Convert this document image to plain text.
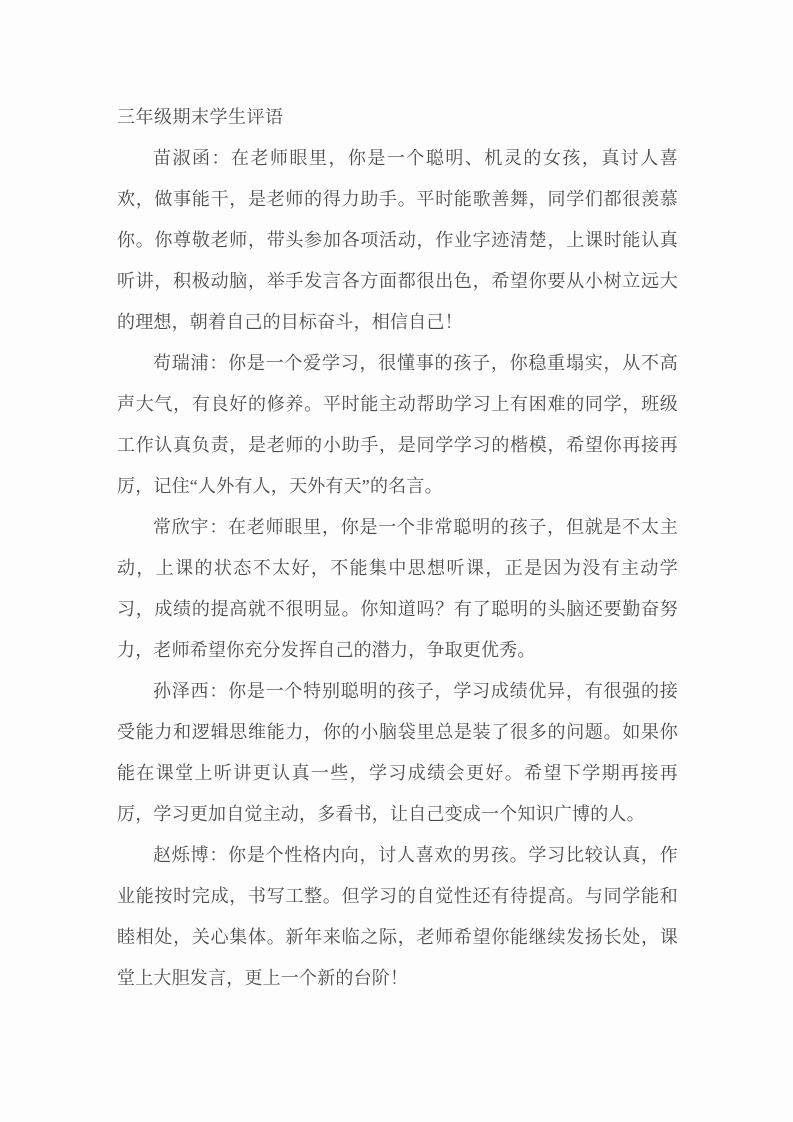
三年级期末学生评语

苗淑函：在老师眼里，你是一个聪明、机灵的女孩，真讨人喜欢，做事能干，是老师的得力助手。平时能歌善舞，同学们都很羡慕你。你尊敬老师，带头参加各项活动，作业字迹清楚，上课时能认真听讲，积极动脑，举手发言各方面都很出色，希望你要从小树立远大的理想，朝着自己的目标奋斗，相信自己！

苟瑞浦：你是一个爱学习，很懂事的孩子，你稳重塌实，从不高声大气，有良好的修养。平时能主动帮助学习上有困难的同学，班级工作认真负责，是老师的小助手，是同学学习的楷模，希望你再接再厉，记住“人外有人，天外有天”的名言。

常欣宇：在老师眼里，你是一个非常聪明的孩子，但就是不太主动，上课的状态不太好，不能集中思想听课，正是因为没有主动学习，成绩的提高就不很明显。你知道吗？有了聪明的头脑还要勤奋努力，老师希望你充分发挥自己的潜力，争取更优秀。

孙泽西：你是一个特别聪明的孩子，学习成绩优异，有很强的接受能力和逻辑思维能力，你的小脑袋里总是装了很多的问题。如果你能在课堂上听讲更认真一些，学习成绩会更好。希望下学期再接再厉，学习更加自觉主动，多看书，让自己变成一个知识广博的人。

赵烁博：你是个性格内向，讨人喜欢的男孩。学习比较认真，作业能按时完成，书写工整。但学习的自觉性还有待提高。与同学能和睦相处，关心集体。新年来临之际，老师希望你能继续发扬长处，课堂上大胆发言，更上一个新的台阶！
